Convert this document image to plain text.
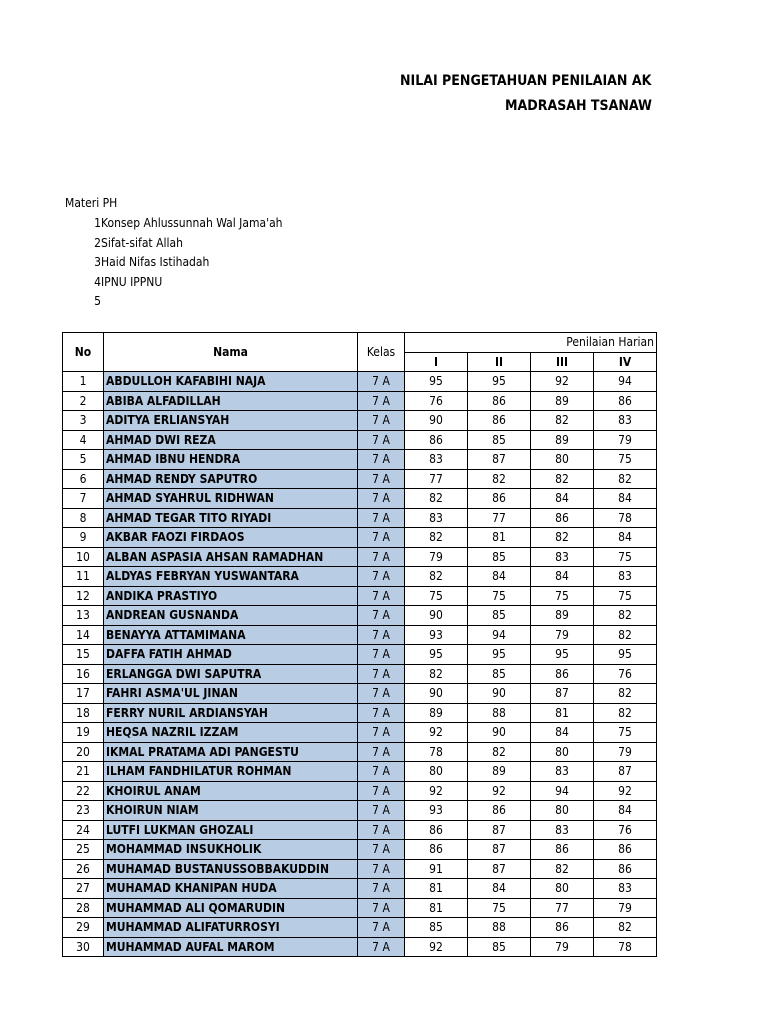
NILAI PENGETAHUAN PENILAIAN AK
MADRASAH TSANAW
Materi PH
1Konsep Ahlussunnah Wal Jama'ah
2Sifat-sifat Allah
3Haid Nifas Istihadah
4IPNU IPPNU
5
No	Nama	Kelas	Penilaian Harian			
			I	II	III	IV
1	ABDULLOH KAFABIHI NAJA	7 A	95	95	92	94
2	ABIBA ALFADILLAH	7 A	76	86	89	86
3	ADITYA ERLIANSYAH	7 A	90	86	82	83
4	AHMAD DWI REZA	7 A	86	85	89	79
5	AHMAD IBNU HENDRA	7 A	83	87	80	75
6	AHMAD RENDY SAPUTRO	7 A	77	82	82	82
7	AHMAD SYAHRUL RIDHWAN	7 A	82	86	84	84
8	AHMAD TEGAR TITO RIYADI	7 A	83	77	86	78
9	AKBAR FAOZI FIRDAOS	7 A	82	81	82	84
10	ALBAN ASPASIA AHSAN RAMADHAN	7 A	79	85	83	75
11	ALDYAS FEBRYAN YUSWANTARA	7 A	82	84	84	83
12	ANDIKA PRASTIYO	7 A	75	75	75	75
13	ANDREAN GUSNANDA	7 A	90	85	89	82
14	BENAYYA ATTAMIMANA	7 A	93	94	79	82
15	DAFFA FATIH AHMAD	7 A	95	95	95	95
16	ERLANGGA DWI SAPUTRA	7 A	82	85	86	76
17	FAHRI ASMA'UL JINAN	7 A	90	90	87	82
18	FERRY NURIL ARDIANSYAH	7 A	89	88	81	82
19	HEQSA NAZRIL IZZAM	7 A	92	90	84	75
20	IKMAL PRATAMA ADI PANGESTU	7 A	78	82	80	79
21	ILHAM FANDHILATUR ROHMAN	7 A	80	89	83	87
22	KHOIRUL ANAM	7 A	92	92	94	92
23	KHOIRUN NIAM	7 A	93	86	80	84
24	LUTFI LUKMAN GHOZALI	7 A	86	87	83	76
25	MOHAMMAD INSUKHOLIK	7 A	86	87	86	86
26	MUHAMAD BUSTANUSSOBBAKUDDIN	7 A	91	87	82	86
27	MUHAMAD KHANIPAN HUDA	7 A	81	84	80	83
28	MUHAMMAD ALI QOMARUDIN	7 A	81	75	77	79
29	MUHAMMAD ALIFATURROSYI	7 A	85	88	86	82
30	MUHAMMAD AUFAL MAROM	7 A	92	85	79	78
